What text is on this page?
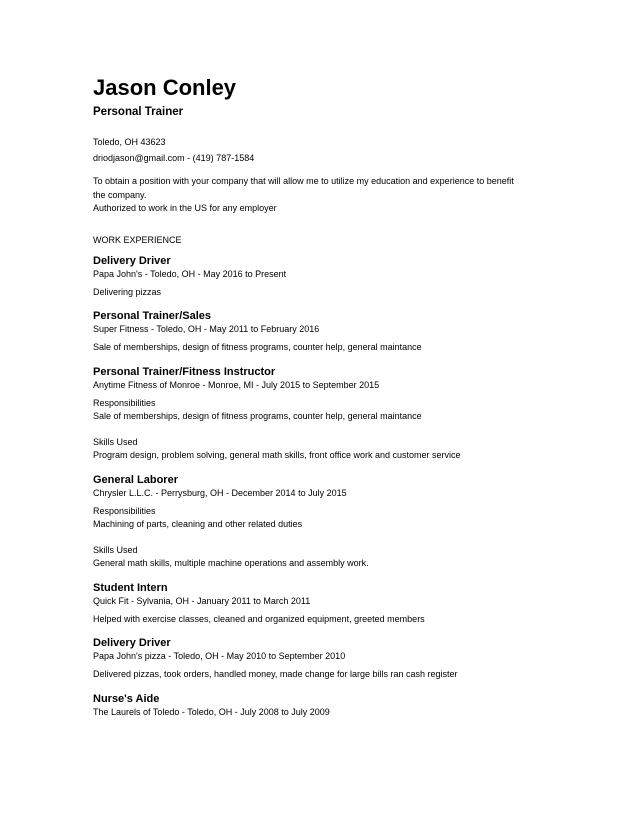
Jason Conley
Personal Trainer
Toledo, OH 43623
driodjason@gmail.com - (419) 787-1584
To obtain a position with your company that will allow me to utilize my education and experience to benefit
the company.
Authorized to work in the US for any employer
WORK EXPERIENCE
Delivery Driver
Papa John's - Toledo, OH - May 2016 to Present
Delivering pizzas
Personal Trainer/Sales
Super Fitness - Toledo, OH - May 2011 to February 2016
Sale of memberships, design of fitness programs, counter help, general maintance
Personal Trainer/Fitness Instructor
Anytime Fitness of Monroe - Monroe, MI - July 2015 to September 2015
Responsibilities
Sale of memberships, design of fitness programs, counter help, general maintance
Skills Used
Program design, problem solving, general math skills, front office work and customer service
General Laborer
Chrysler L.L.C. - Perrysburg, OH - December 2014 to July 2015
Responsibilities
Machining of parts, cleaning and other related duties
Skills Used
General math skills, multiple machine operations and assembly work.
Student Intern
Quick Fit - Sylvania, OH - January 2011 to March 2011
Helped with exercise classes, cleaned and organized equipment, greeted members
Delivery Driver
Papa John's pizza - Toledo, OH - May 2010 to September 2010
Delivered pizzas, took orders, handled money, made change for large bills ran cash register
Nurse's Aide
The Laurels of Toledo - Toledo, OH - July 2008 to July 2009
